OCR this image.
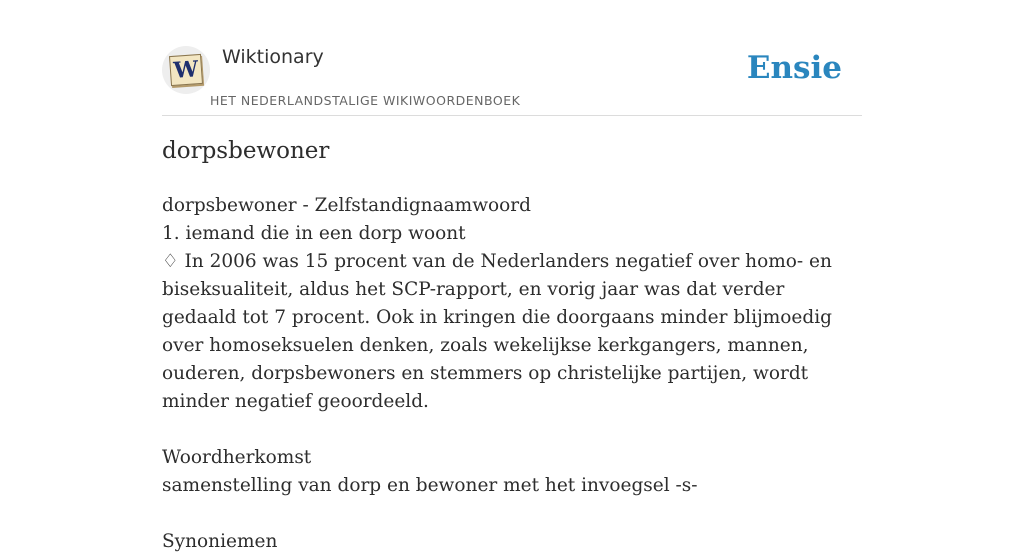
W Wiktionary
HET NEDERLANDSTALIGE WIKIWOORDENBOEK
Ensie
dorpsbewoner
dorpsbewoner - Zelfstandignaamwoord
1. iemand die in een dorp woont
♢ In 2006 was 15 procent van de Nederlanders negatief over homo- en biseksualiteit, aldus het SCP-rapport, en vorig jaar was dat verder gedaald tot 7 procent. Ook in kringen die doorgaans minder blijmoedig over homoseksuelen denken, zoals wekelijkse kerkgangers, mannen, ouderen, dorpsbewoners en stemmers op christelijke partijen, wordt minder negatief geoordeeld.
Woordherkomst
samenstelling van dorp en bewoner met het invoegsel -s-
Synoniemen
